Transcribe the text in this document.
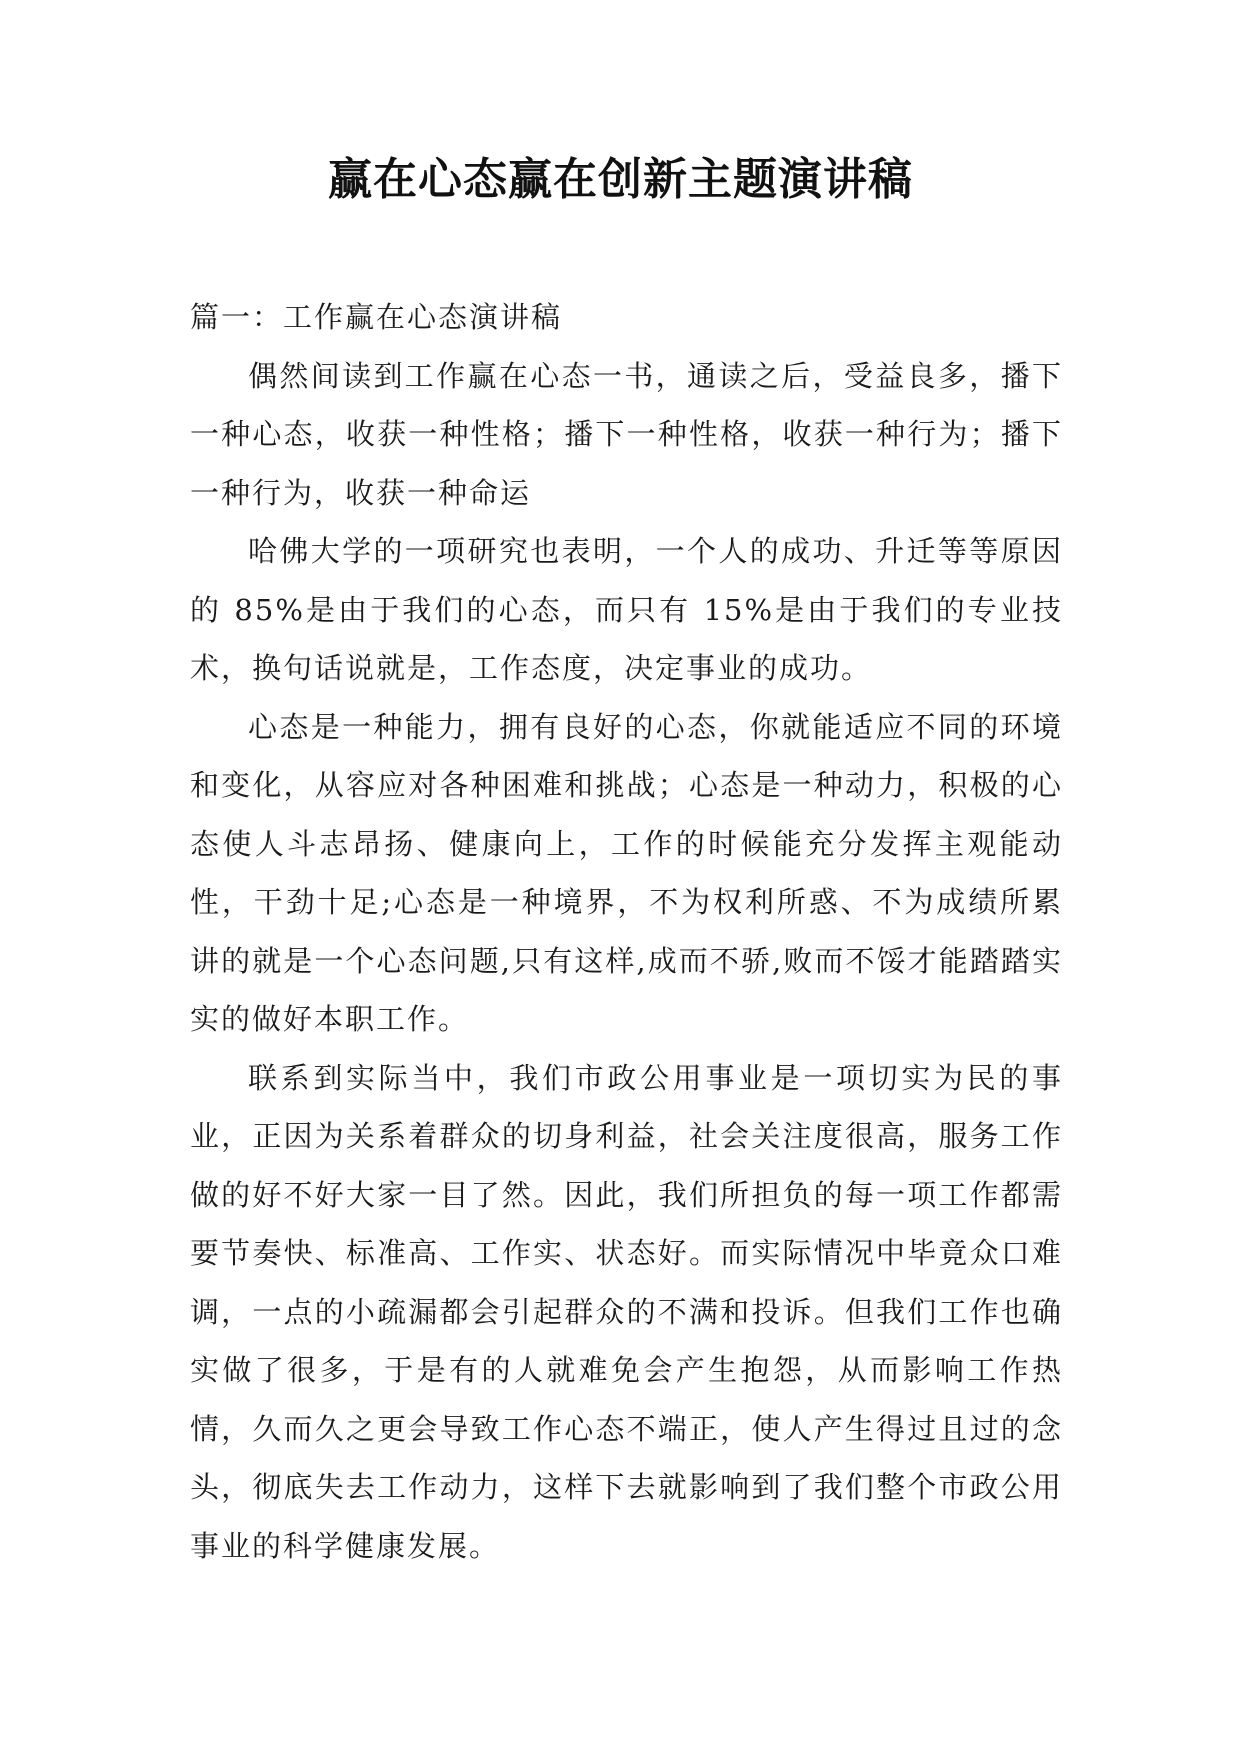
赢在心态赢在创新主题演讲稿

篇一：工作赢在心态演讲稿

偶然间读到工作赢在心态一书，通读之后，受益良多，播下一种心态，收获一种性格；播下一种性格，收获一种行为；播下一种行为，收获一种命运

哈佛大学的一项研究也表明，一个人的成功、升迁等等原因的 85%是由于我们的心态，而只有 15%是由于我们的专业技术，换句话说就是，工作态度，决定事业的成功。

心态是一种能力，拥有良好的心态，你就能适应不同的环境和变化，从容应对各种困难和挑战；心态是一种动力，积极的心态使人斗志昂扬、健康向上，工作的时候能充分发挥主观能动性，干劲十足;心态是一种境界，不为权利所惑、不为成绩所累讲的就是一个心态问题,只有这样,成而不骄,败而不馁才能踏踏实实的做好本职工作。

联系到实际当中，我们市政公用事业是一项切实为民的事业，正因为关系着群众的切身利益，社会关注度很高，服务工作做的好不好大家一目了然。因此，我们所担负的每一项工作都需要节奏快、标准高、工作实、状态好。而实际情况中毕竟众口难调，一点的小疏漏都会引起群众的不满和投诉。但我们工作也确实做了很多，于是有的人就难免会产生抱怨，从而影响工作热情，久而久之更会导致工作心态不端正，使人产生得过且过的念头，彻底失去工作动力，这样下去就影响到了我们整个市政公用事业的科学健康发展。
